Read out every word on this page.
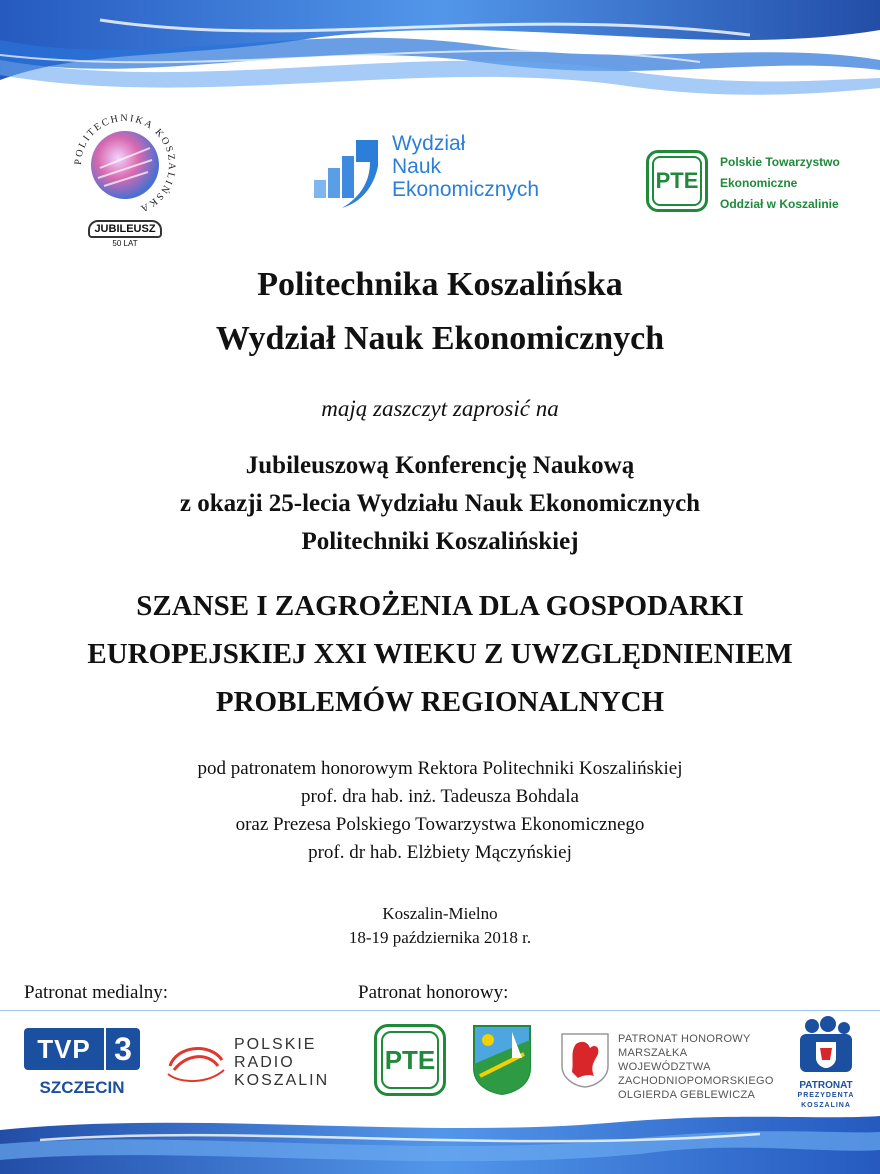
POLITECHNIKA KOSZALIŃSKA
JUBILEUSZ
50 LAT
Wydział
Nauk
Ekonomicznych	PTE
Polskie Towarzystwo
Ekonomiczne
Oddział w Koszalinie
Politechnika Koszalińska
Wydział Nauk Ekonomicznych
mają zaszczyt zaprosić na
Jubileuszową Konferencję Naukową
z okazji 25-lecia Wydziału Nauk Ekonomicznych
Politechniki Koszalińskiej
SZANSE I ZAGROŻENIA DLA GOSPODARKI
EUROPEJSKIEJ XXI WIEKU Z UWZGLĘDNIENIEM
PROBLEMÓW REGIONALNYCH
pod patronatem honorowym Rektora Politechniki Koszalińskiej
prof. dra hab. inż. Tadeusza Bohdala
oraz Prezesa Polskiego Towarzystwa Ekonomicznego
prof. dr hab. Elżbiety Mączyńskiej
Koszalin-Mielno
18-19 października 2018 r.
Patronat medialny:	Patronat honorowy:
TVP 3
SZCZECIN
POLSKIE
RADIO
KOSZALIN
PTE
PATRONAT HONOROWY
MARSZAŁKA WOJEWÓDZTWA
ZACHODNIOPOMORSKIEGO
OLGIERDA GEBLEWICZA
PATRONAT
PREZYDENTA
KOSZALINA
